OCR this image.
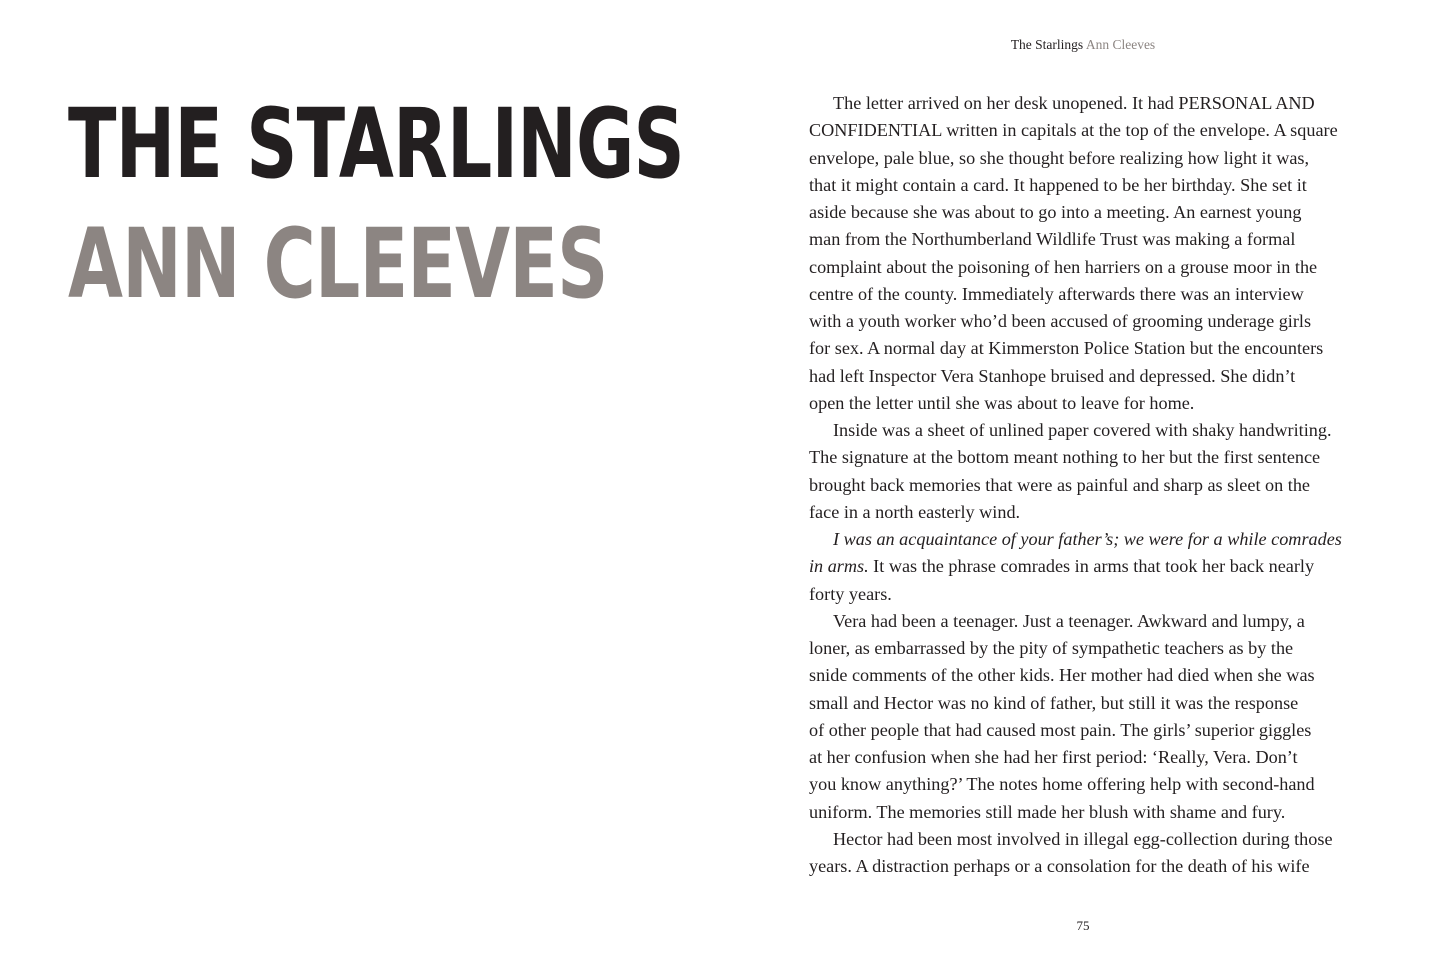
THE STARLINGS
ANN CLEEVES
The Starlings Ann Cleeves
The letter arrived on her desk unopened. It had PERSONAL AND
CONFIDENTIAL written in capitals at the top of the envelope. A square
envelope, pale blue, so she thought before realizing how light it was,
that it might contain a card. It happened to be her birthday. She set it
aside because she was about to go into a meeting. An earnest young
man from the Northumberland Wildlife Trust was making a formal
complaint about the poisoning of hen harriers on a grouse moor in the
centre of the county. Immediately afterwards there was an interview
with a youth worker who’d been accused of grooming underage girls
for sex. A normal day at Kimmerston Police Station but the encounters
had left Inspector Vera Stanhope bruised and depressed. She didn’t
open the letter until she was about to leave for home.
Inside was a sheet of unlined paper covered with shaky handwriting.
The signature at the bottom meant nothing to her but the first sentence
brought back memories that were as painful and sharp as sleet on the
face in a north easterly wind.
I was an acquaintance of your father’s; we were for a while comrades
in arms. It was the phrase comrades in arms that took her back nearly
forty years.
Vera had been a teenager. Just a teenager. Awkward and lumpy, a
loner, as embarrassed by the pity of sympathetic teachers as by the
snide comments of the other kids. Her mother had died when she was
small and Hector was no kind of father, but still it was the response
of other people that had caused most pain. The girls’ superior giggles
at her confusion when she had her first period: ‘Really, Vera. Don’t
you know anything?’ The notes home offering help with second-hand
uniform. The memories still made her blush with shame and fury.
Hector had been most involved in illegal egg-collection during those
years. A distraction perhaps or a consolation for the death of his wife
75
